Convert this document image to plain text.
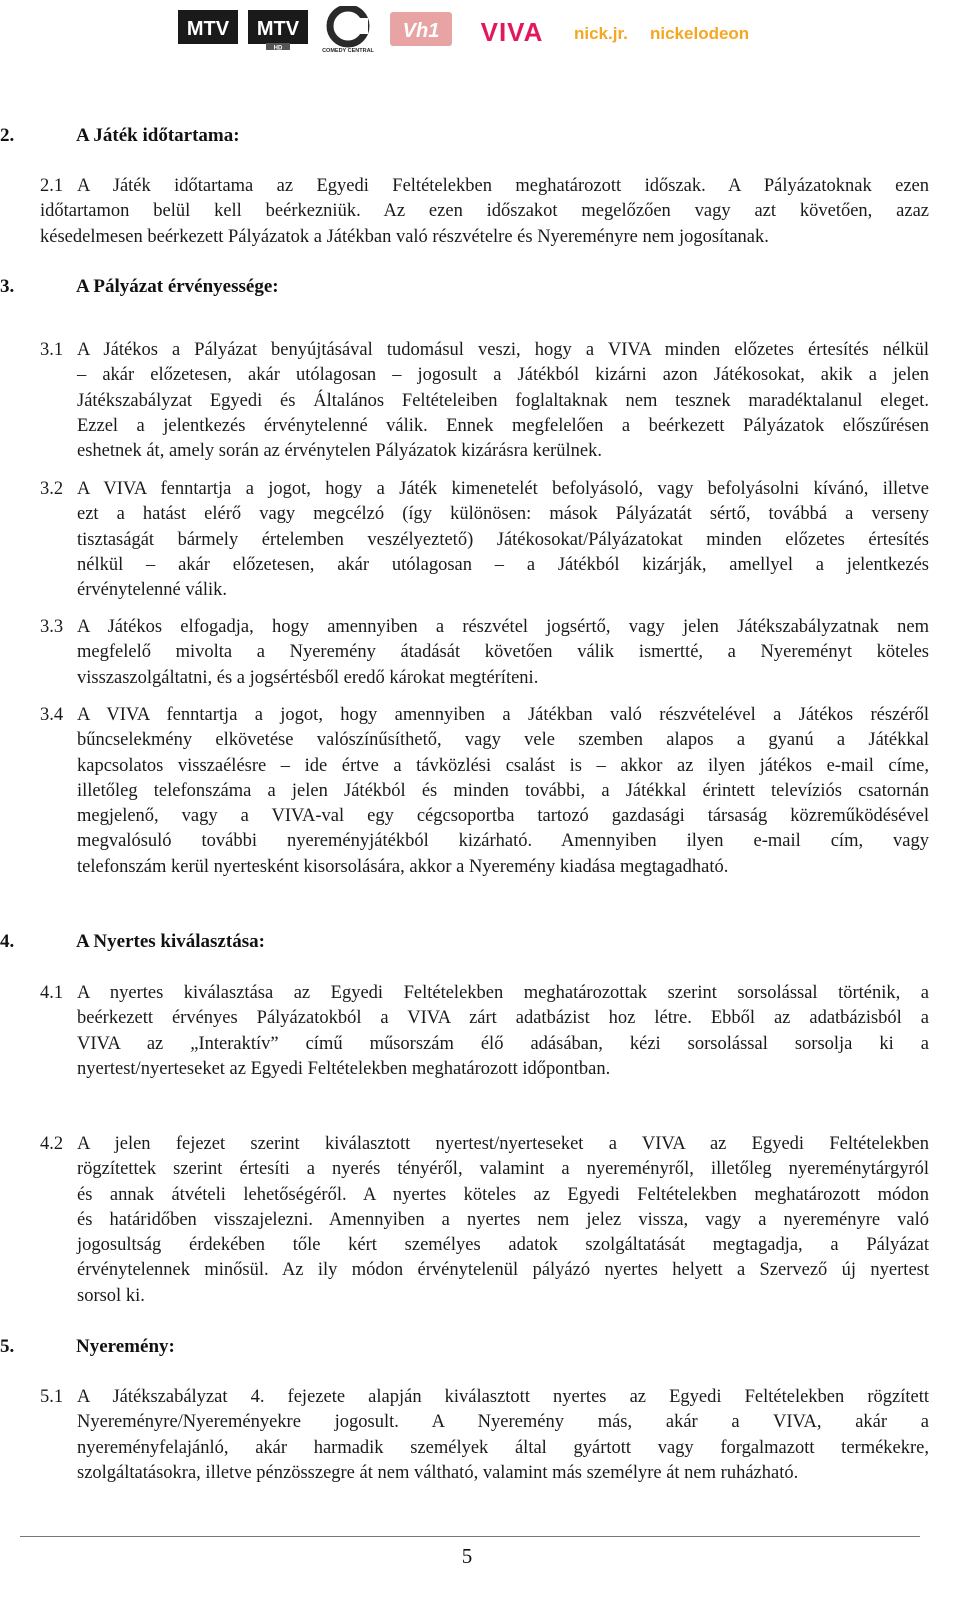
MTV MTV
HD	COMEDY CENTRAL
Vh1 VIVA nick.jr. nickelodeon
2.	A Játék időtartama:
2.1 A Játék időtartama az Egyedi Feltételekben meghatározott időszak. A Pályázatoknak ezen
időtartamon belül kell beérkezniük. Az ezen időszakot megelőzően vagy azt követően, azaz
késedelmesen beérkezett Pályázatok a Játékban való részvételre és Nyereményre nem jogosítanak.
3.	A Pályázat érvényessége:
3.1 A Játékos a Pályázat benyújtásával tudomásul veszi, hogy a VIVA minden előzetes értesítés nélkül
– akár előzetesen, akár utólagosan – jogosult a Játékból kizárni azon Játékosokat, akik a jelen
Játékszabályzat Egyedi és Általános Feltételeiben foglaltaknak nem tesznek maradéktalanul eleget.
Ezzel a jelentkezés érvénytelenné válik. Ennek megfelelően a beérkezett Pályázatok előszűrésen
eshetnek át, amely során az érvénytelen Pályázatok kizárásra kerülnek.
3.2 A VIVA fenntartja a jogot, hogy a Játék kimenetelét befolyásoló, vagy befolyásolni kívánó, illetve
ezt a hatást elérő vagy megcélzó (így különösen: mások Pályázatát sértő, továbbá a verseny
tisztaságát bármely értelemben veszélyeztető) Játékosokat/Pályázatokat minden előzetes értesítés
nélkül – akár előzetesen, akár utólagosan – a Játékból kizárják, amellyel a jelentkezés
érvénytelenné válik.
3.3 A Játékos elfogadja, hogy amennyiben a részvétel jogsértő, vagy jelen Játékszabályzatnak nem
megfelelő mivolta a Nyeremény átadását követően válik ismertté, a Nyereményt köteles
visszaszolgáltatni, és a jogsértésből eredő károkat megtéríteni.
3.4 A VIVA fenntartja a jogot, hogy amennyiben a Játékban való részvételével a Játékos részéről
bűncselekmény elkövetése valószínűsíthető, vagy vele szemben alapos a gyanú a Játékkal
kapcsolatos visszaélésre – ide értve a távközlési csalást is – akkor az ilyen játékos e-mail címe,
illetőleg telefonszáma a jelen Játékból és minden további, a Játékkal érintett televíziós csatornán
megjelenő, vagy a VIVA-val egy cégcsoportba tartozó gazdasági társaság közreműködésével
megvalósuló további nyereményjátékból kizárható. Amennyiben ilyen e-mail cím, vagy
telefonszám kerül nyertesként kisorsolására, akkor a Nyeremény kiadása megtagadható.
4.	A Nyertes kiválasztása:
4.1 A nyertes kiválasztása az Egyedi Feltételekben meghatározottak szerint sorsolással történik, a
beérkezett érvényes Pályázatokból a VIVA zárt adatbázist hoz létre. Ebből az adatbázisból a
VIVA az „Interaktív” című műsorszám élő adásában, kézi sorsolással sorsolja ki a
nyertest/nyerteseket az Egyedi Feltételekben meghatározott időpontban.
4.2 A jelen fejezet szerint kiválasztott nyertest/nyerteseket a VIVA az Egyedi Feltételekben
rögzítettek szerint értesíti a nyerés tényéről, valamint a nyereményről, illetőleg nyereménytárgyról
és annak átvételi lehetőségéről. A nyertes köteles az Egyedi Feltételekben meghatározott módon
és határidőben visszajelezni. Amennyiben a nyertes nem jelez vissza, vagy a nyereményre való
jogosultság érdekében tőle kért személyes adatok szolgáltatását megtagadja, a Pályázat
érvénytelennek minősül. Az ily módon érvénytelenül pályázó nyertes helyett a Szervező új nyertest
sorsol ki.
5.	Nyeremény:
5.1 A Játékszabályzat 4. fejezete alapján kiválasztott nyertes az Egyedi Feltételekben rögzített
Nyereményre/Nyereményekre jogosult. A Nyeremény más, akár a VIVA, akár a
nyereményfelajánló, akár harmadik személyek által gyártott vagy forgalmazott termékekre,
szolgáltatásokra, illetve pénzösszegre át nem váltható, valamint más személyre át nem ruházható.
5
